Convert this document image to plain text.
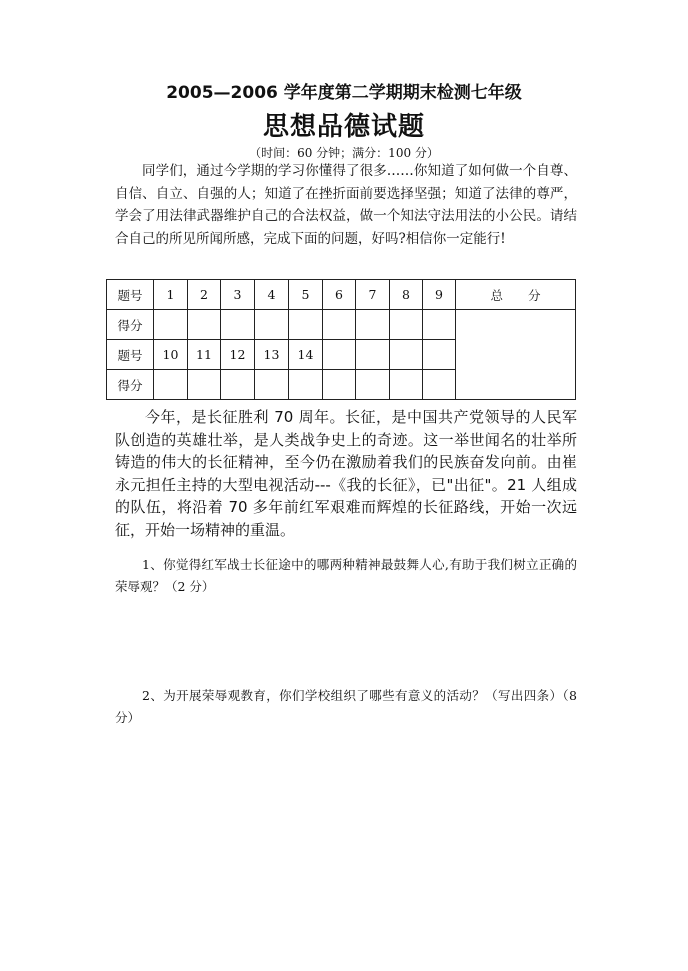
2005—2006 学年度第二学期期末检测七年级
思想品德试题
（时间：60 分钟；满分：100 分）
同学们，通过今学期的学习你懂得了很多……你知道了如何做一个自尊、自信、自立、自强的人；知道了在挫折面前要选择坚强；知道了法律的尊严，学会了用法律武器维护自己的合法权益，做一个知法守法用法的小公民。请结合自己的所见所闻所感，完成下面的问题，好吗?相信你一定能行!
题号	1	2	3	4	5	6	7	8	9	总　　分
得分										
题号	10	11	12	13	14					
得分										
今年，是长征胜利 70 周年。长征，是中国共产党领导的人民军队创造的英雄壮举，是人类战争史上的奇迹。这一举世闻名的壮举所铸造的伟大的长征精神，至今仍在激励着我们的民族奋发向前。由崔永元担任主持的大型电视活动---《我的长征》，已"出征"。21 人组成的队伍，将沿着 70 多年前红军艰难而辉煌的长征路线，开始一次远征，开始一场精神的重温。
1、你觉得红军战士长征途中的哪两种精神最鼓舞人心,有助于我们树立正确的荣辱观？（2 分）
2、为开展荣辱观教育，你们学校组织了哪些有意义的活动？（写出四条）（8 分）
